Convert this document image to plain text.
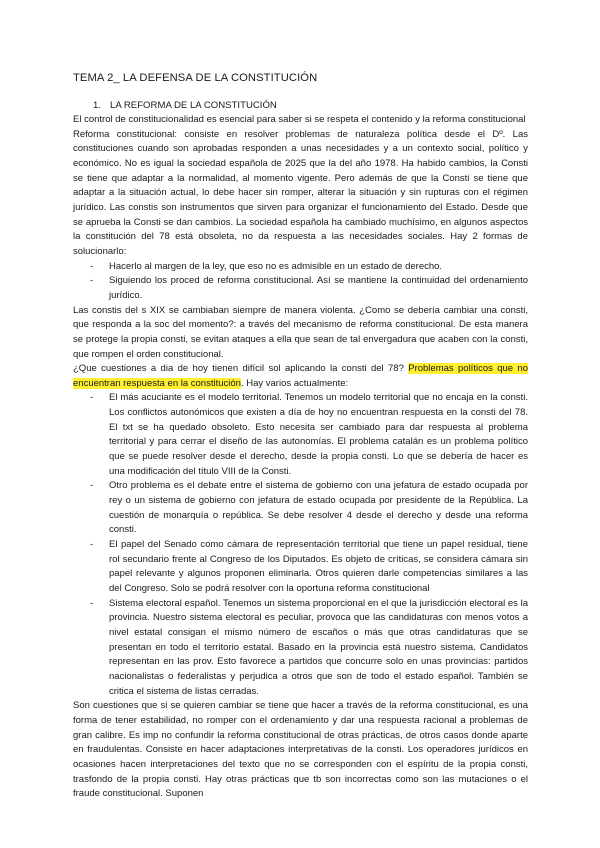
TEMA 2_ LA DEFENSA DE LA CONSTITUCIÓN
1. LA REFORMA DE LA CONSTITUCIÓN

El control de constitucionalidad es esencial para saber si se respeta el contenido y la reforma constitucional

Reforma constitucional: consiste en resolver problemas de naturaleza política desde el Dº. Las constituciones cuando son aprobadas responden a unas necesidades y a un contexto social, político y económico. No es igual la sociedad española de 2025 que la del año 1978. Ha habido cambios, la Consti se tiene que adaptar a la normalidad, al momento vigente. Pero además de que la Consti se tiene que adaptar a la situación actual, lo debe hacer sin romper, alterar la situación y sin rupturas con el régimen jurídico. Las constis son instrumentos que sirven para organizar el funcionamiento del Estado. Desde que se aprueba la Consti se dan cambios. La sociedad española ha cambiado muchísimo, en algunos aspectos la constitución del 78 está obsoleta, no da respuesta a las necesidades sociales. Hay 2 formas de solucionarlo:

- Hacerlo al margen de la ley, que eso no es admisible en un estado de derecho.
- Siguiendo los proced de reforma constitucional. Así se mantiene la continuidad del ordenamiento jurídico.

Las constis del s XIX se cambiaban siempre de manera violenta. ¿Como se debería cambiar una consti, que responda a la soc del momento?: a través del mecanismo de reforma constitucional. De esta manera se protege la propia consti, se evitan ataques a ella que sean de tal envergadura que acaben con la consti, que rompen el orden constitucional.

¿Que cuestiones a dia de hoy tienen difícil sol aplicando la consti del 78? Problemas políticos que no encuentran respuesta en la constitución. Hay varios actualmente:

- El más acuciante es el modelo territorial. Tenemos un modelo territorial que no encaja en la consti. Los conflictos autonómicos que existen a día de hoy no encuentran respuesta en la consti del 78. El txt se ha quedado obsoleto. Esto necesita ser cambiado para dar respuesta al problema territorial y para cerrar el diseño de las autonomías. El problema catalán es un problema político que se puede resolver desde el derecho, desde la propia consti. Lo que se debería de hacer es una modificación del título VIII de la Consti.
- Otro problema es el debate entre el sistema de gobierno con una jefatura de estado ocupada por rey o un sistema de gobierno con jefatura de estado ocupada por presidente de la República. La cuestión de monarquía o república. Se debe resolver 4 desde el derecho y desde una reforma consti.
- El papel del Senado como cámara de representación territorial que tiene un papel residual, tiene rol secundario frente al Congreso de los Diputados. Es objeto de críticas, se considera cámara sin papel relevante y algunos proponen eliminarla. Otros quieren darle competencias similares a las del Congreso. Solo se podrá resolver con la oportuna reforma constitucional
- Sistema electoral español. Tenemos un sistema proporcional en el que la jurisdicción electoral es la provincia. Nuestro sistema electoral es peculiar, provoca que las candidaturas con menos votos a nivel estatal consigan el mismo número de escaños o más que otras candidaturas que se presentan en todo el territorio estatal. Basado en la provincia está nuestro sistema. Candidatos representan en las prov. Esto favorece a partidos que concurre solo en unas provincias: partidos nacionalistas o federalistas y perjudica a otros que son de todo el estado español. También se critica el sistema de listas cerradas.

Son cuestiones que si se quieren cambiar se tiene que hacer a través de la reforma constitucional, es una forma de tener estabilidad, no romper con el ordenamiento y dar una respuesta racional a problemas de gran calibre. Es imp no confundir la reforma constitucional de otras prácticas, de otros casos donde aparte en fraudulentas. Consiste en hacer adaptaciones interpretativas de la consti. Los operadores jurídicos en ocasiones hacen interpretaciones del texto que no se corresponden con el espíritu de la propia consti, trasfondo de la propia consti. Hay otras prácticas que tb son incorrectas como son las mutaciones o el fraude constitucional. Suponen
